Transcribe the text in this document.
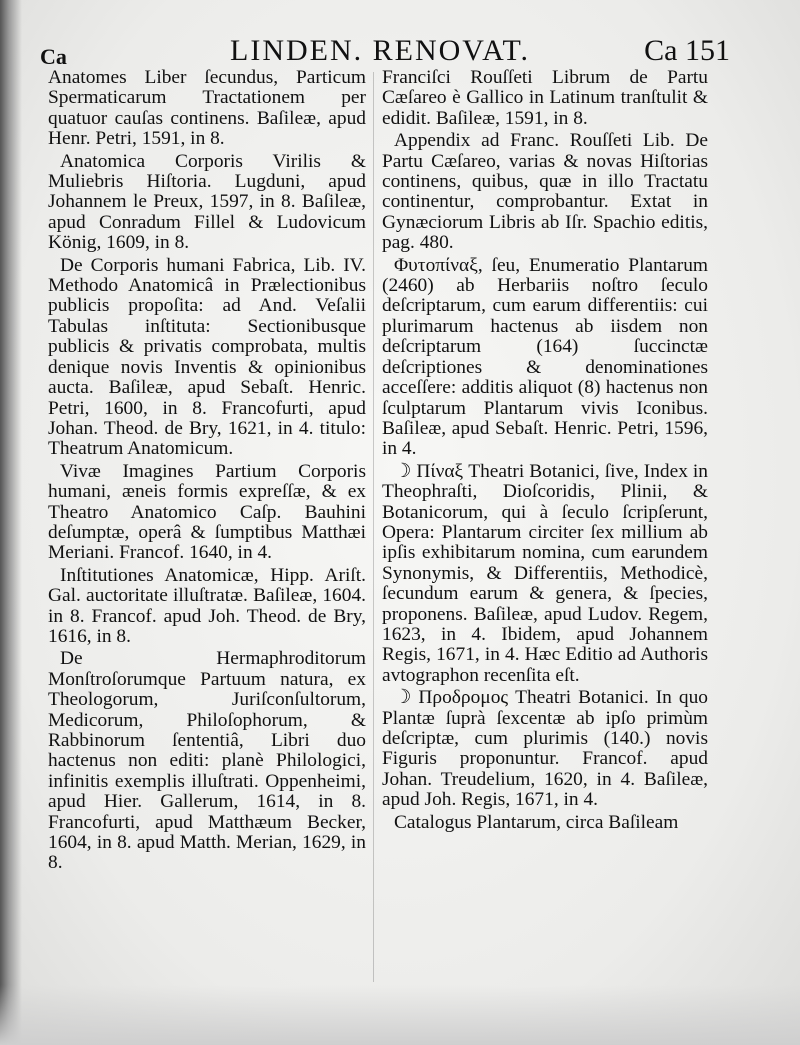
Ca	LINDEN. RENOVAT.	Ca 151

Anatomes Liber ſecundus, Particum Spermaticarum Tractationem per quatuor cauſas continens. Baſileæ, apud Henr. Petri, 1591, in 8.

Anatomica Corporis Virilis & Muliebris Hiſtoria. Lugduni, apud Johannem le Preux, 1597, in 8. Baſileæ, apud Conradum Fillel & Ludovicum König, 1609, in 8.

De Corporis humani Fabrica, Lib. IV. Methodo Anatomicâ in Prælectionibus publicis propoſita: ad And. Veſalii Tabulas inſtituta: Sectionibusque publicis & privatis comprobata, multis denique novis Inventis & opinionibus aucta. Baſileæ, apud Sebaſt. Henric. Petri, 1600, in 8. Francofurti, apud Johan. Theod. de Bry, 1621, in 4. titulo: Theatrum Anatomicum.

Vivæ Imagines Partium Corporis humani, æneis formis expreſſæ, & ex Theatro Anatomico Caſp. Bauhini deſumptæ, operâ & ſumptibus Matthæi Meriani. Francof. 1640, in 4.

Inſtitutiones Anatomicæ, Hipp. Ariſt. Gal. auctoritate illuſtratæ. Baſileæ, 1604. in 8. Francof. apud Joh. Theod. de Bry, 1616, in 8.

De Hermaphroditorum Monſtroſorumque Partuum natura, ex Theologorum, Juriſconſultorum, Medicorum, Philoſophorum, & Rabbinorum ſententiâ, Libri duo hactenus non editi: planè Philologici, infinitis exemplis illuſtrati. Oppenheimi, apud Hier. Gallerum, 1614, in 8. Francofurti, apud Matthæum Becker, 1604, in 8. apud Matth. Merian, 1629, in 8.

Franciſci Rouſſeti Librum de Partu Cæſareo è Gallico in Latinum tranſtulit & edidit. Baſileæ, 1591, in 8.

Appendix ad Franc. Rouſſeti Lib. De Partu Cæſareo, varias & novas Hiſtorias continens, quibus, quæ in illo Tractatu continentur, comprobantur. Extat in Gynæciorum Libris ab Iſr. Spachio editis, pag. 480.

Φυτοπίναξ, ſeu, Enumeratio Plantarum (2460) ab Herbariis noſtro ſeculo deſcriptarum, cum earum differentiis: cui plurimarum hactenus ab iisdem non deſcriptarum (164) ſuccinctæ deſcriptiones & denominationes acceſſere: additis aliquot (8) hactenus non ſculptarum Plantarum vivis Iconibus. Baſileæ, apud Sebaſt. Henric. Petri, 1596, in 4.

☽ Πίναξ Theatri Botanici, ſive, Index in Theophraſti, Dioſcoridis, Plinii, & Botanicorum, qui à ſeculo ſcripſerunt, Opera: Plantarum circiter ſex millium ab ipſis exhibitarum nomina, cum earundem Synonymis, & Differentiis, Methodicè, ſecundum earum & genera, & ſpecies, proponens. Baſileæ, apud Ludov. Regem, 1623, in 4. Ibidem, apud Johannem Regis, 1671, in 4. Hæc Editio ad Authoris avtographon recenſita eſt.

☽ Προδρομος Theatri Botanici. In quo Plantæ ſuprà ſexcentæ ab ipſo primùm deſcriptæ, cum plurimis (140.) novis Figuris proponuntur. Francof. apud Johan. Treudelium, 1620, in 4. Baſileæ, apud Joh. Regis, 1671, in 4.

Catalogus Plantarum, circa Baſileam
